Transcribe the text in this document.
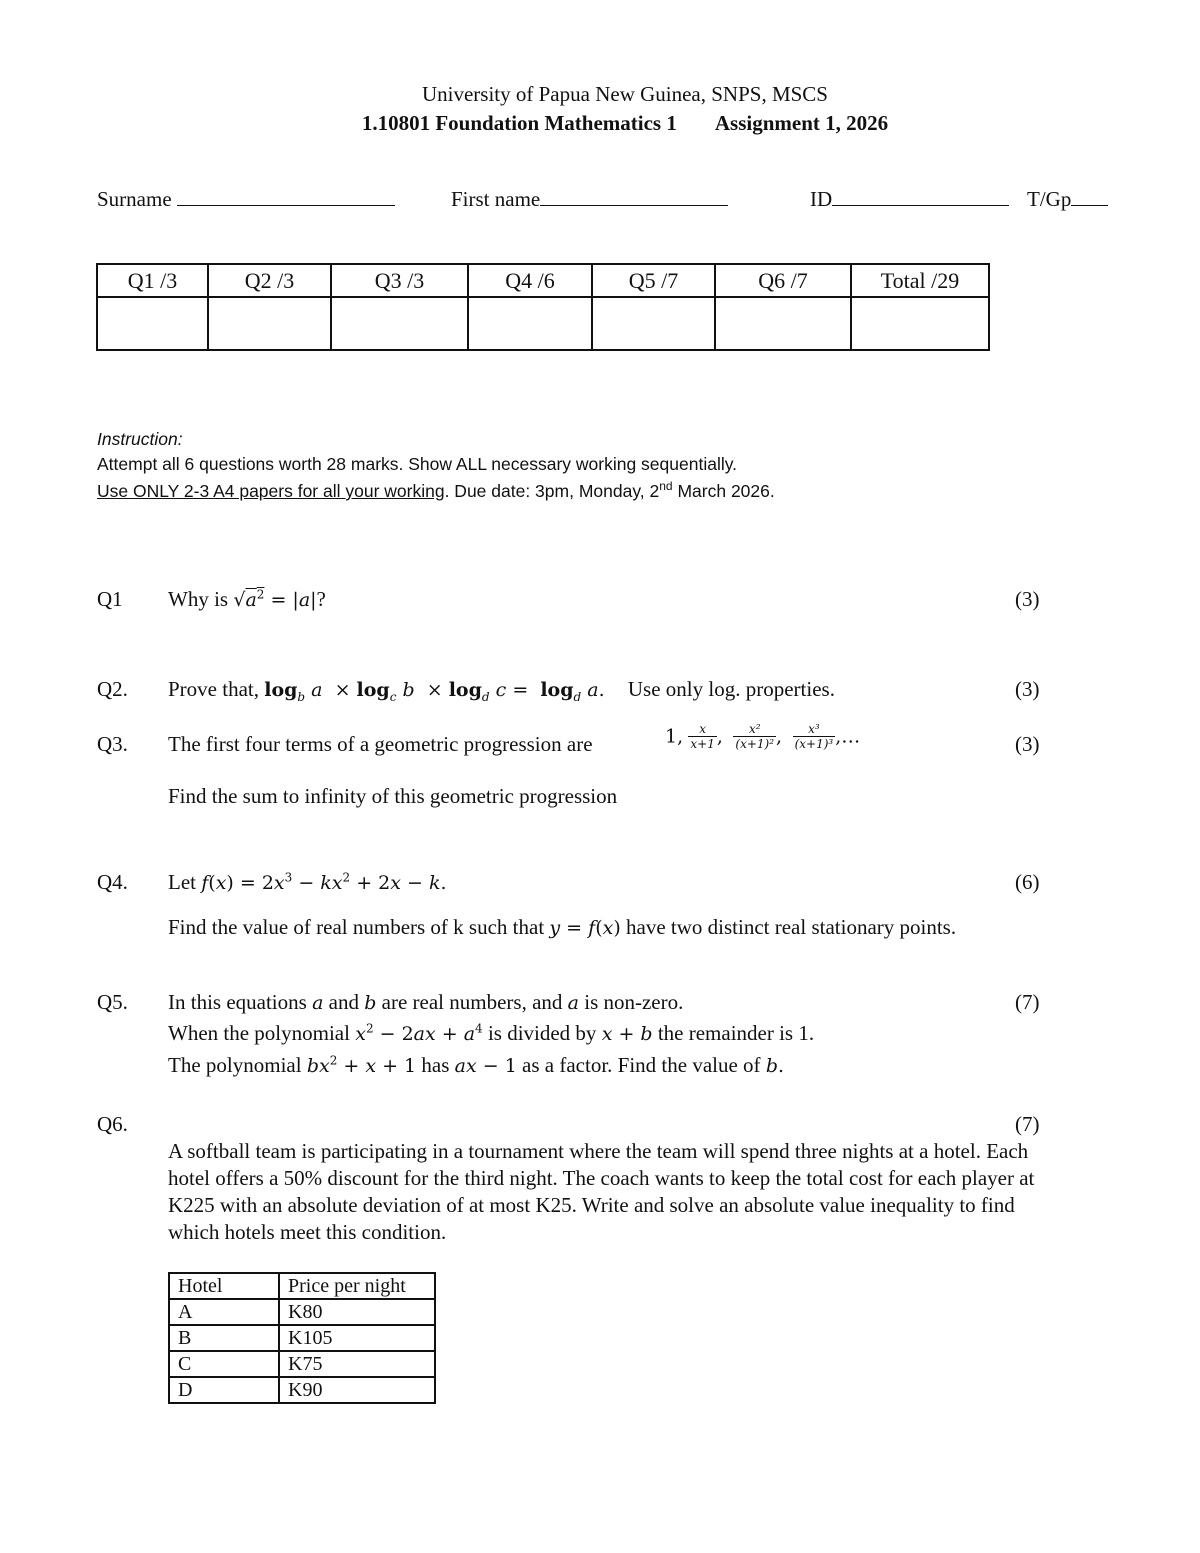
University of Papua New Guinea, SNPS, MSCS
1.10801 Foundation Mathematics 1 Assignment 1, 2026
Surname	First name	ID	T/Gp
Q1 /3	Q2 /3	Q3 /3	Q4 /6	Q5 /7	Q6 /7	Total /29

Instruction:
Attempt all 6 questions worth 28 marks. Show ALL necessary working sequentially.
Use ONLY 2-3 A4 papers for all your working. Due date: 3pm, Monday, 2nd March 2026.
Q1 Why is $√a^2 = |a|$?	(3)
Q2. Prove that, $\log_b a \times \log_c b \times \log_d c = \log_d a$. Use only log. properties.	(3)
Q3. The first four terms of a geometric progression are	1, $\frac{x}{x+1}$ , $\frac{\text{x²}}{\text{(x+1)²}}$ , $\frac{\text{x³}}{\text{(x+1)³}}$ ,…	(3)
Find the sum to infinity of this geometric progression
Q4. Let $f(x) = 2x^3 - kx^2 + 2x - k$.	(6)
Find the value of real numbers of k such that y = f(x) have two distinct real stationary points.
Q5. In this equations a and b are real numbers, and a is non-zero.	(7)
When the polynomial $x^2 - 2ax + a^4$ is divided by x + b the remainder is 1.
The polynomial $bx^2 + x + 1$ has ax − 1 as a factor. Find the value of b.
Q6.	(7)
A softball team is participating in a tournament where the team will spend three nights at a hotel. Each
hotel offers a 50% discount for the third night. The coach wants to keep the total cost for each player at
K225 with an absolute deviation of at most K25. Write and solve an absolute value inequality to find
which hotels meet this condition.
Hotel	Price per night
A	K80
B	K105
C	K75
D	K90
